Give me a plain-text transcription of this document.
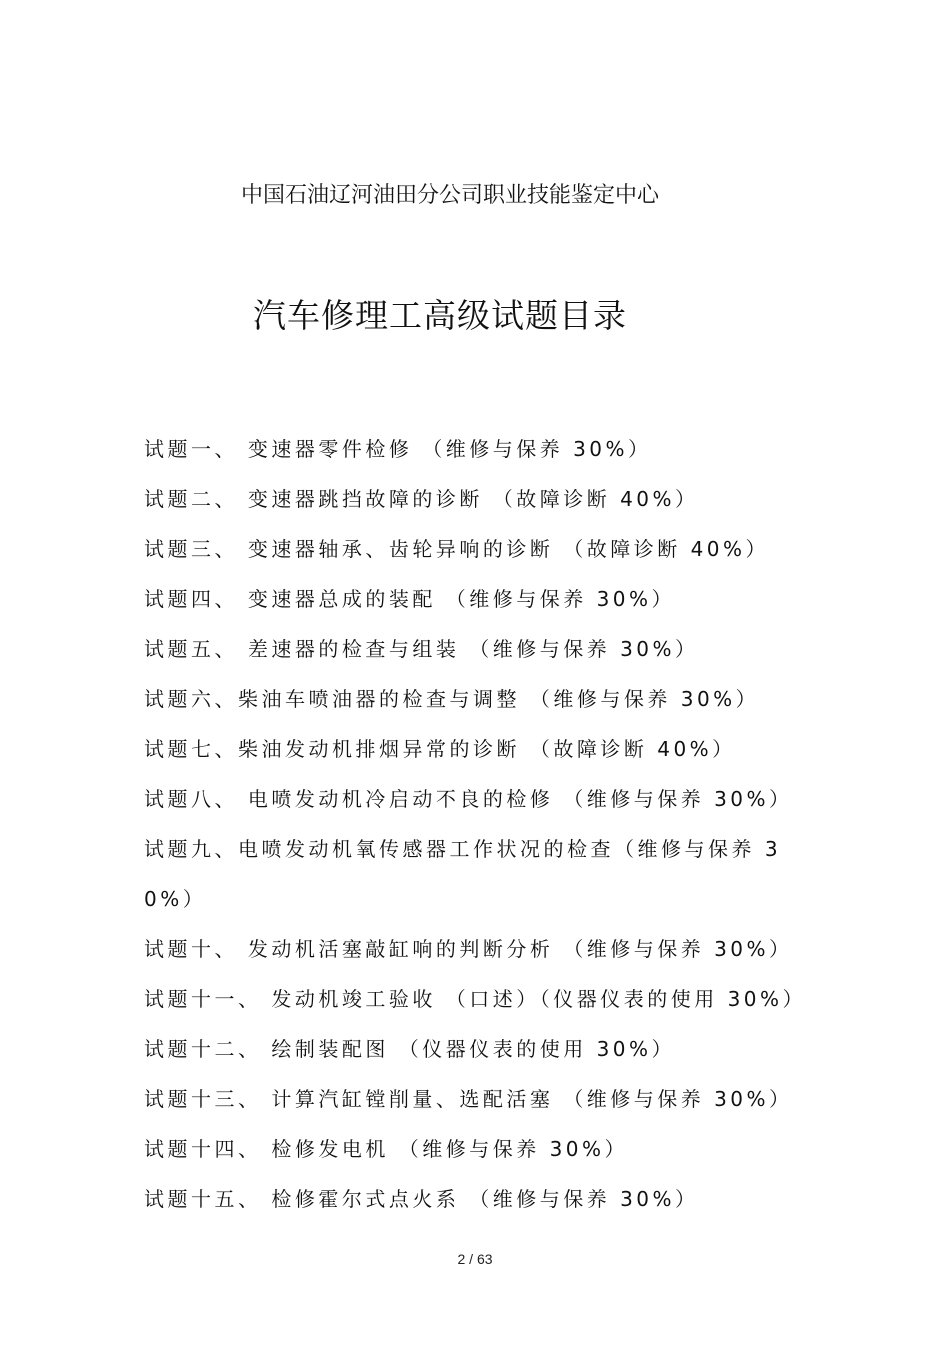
中国石油辽河油田分公司职业技能鉴定中心
汽车修理工高级试题目录
试题一、 变速器零件检修 （维修与保养 30%）
试题二、 变速器跳挡故障的诊断 （故障诊断 40%）
试题三、 变速器轴承、齿轮异响的诊断 （故障诊断 40%）
试题四、 变速器总成的装配 （维修与保养 30%）
试题五、 差速器的检查与组装 （维修与保养 30%）
试题六、柴油车喷油器的检查与调整 （维修与保养 30%）
试题七、柴油发动机排烟异常的诊断 （故障诊断 40%）
试题八、 电喷发动机冷启动不良的检修 （维修与保养 30%）
试题九、电喷发动机氧传感器工作状况的检查（维修与保养 30%）
试题十、 发动机活塞敲缸响的判断分析 （维修与保养 30%）
试题十一、 发动机竣工验收 （口述）（仪器仪表的使用 30%）
试题十二、 绘制装配图 （仪器仪表的使用 30%）
试题十三、 计算汽缸镗削量、选配活塞 （维修与保养 30%）
试题十四、 检修发电机 （维修与保养 30%）
试题十五、 检修霍尔式点火系 （维修与保养 30%）
2 / 63
